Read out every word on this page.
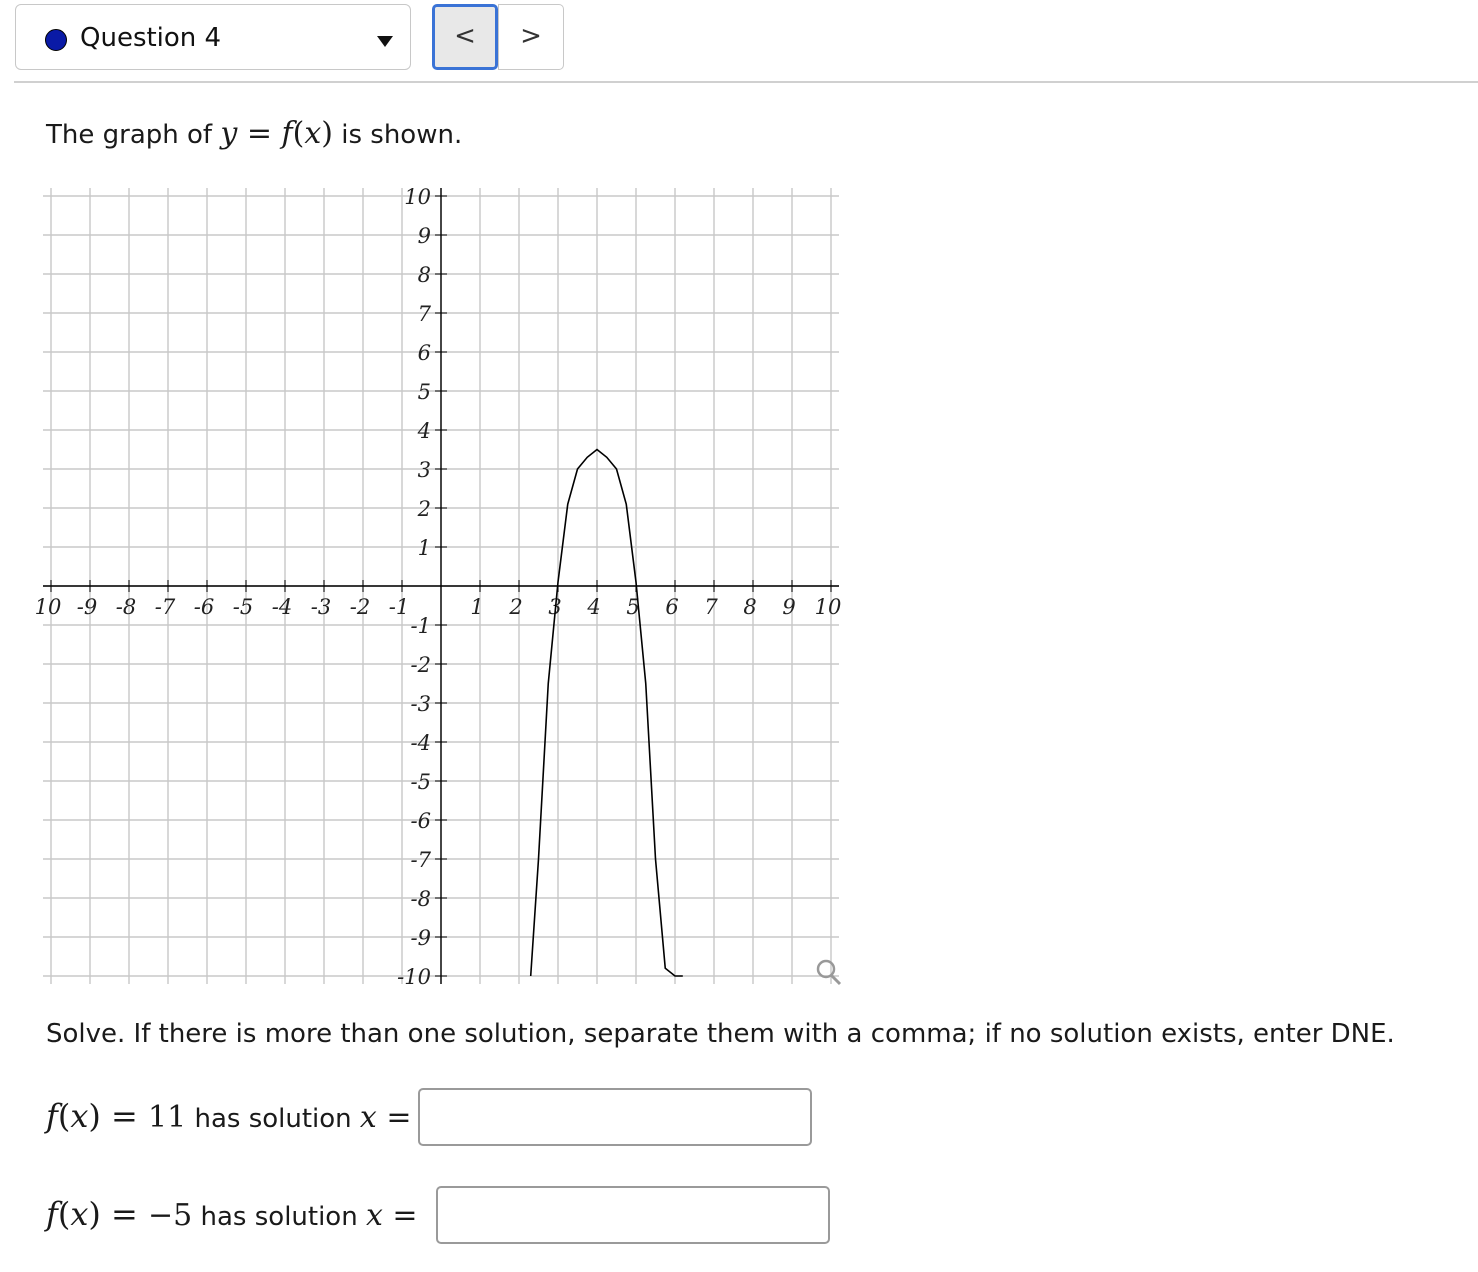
Question 4	<	>
The graph of y = f(x) is shown.
10 -9 -8 -7 -6 -5 -4 -3 -2 -1	1 2 3 4 5 6 7 8 9 10
10
9
8
7
6
5
4
3
2
1
-1
-2
-3
-4
-5
-6
-7
-8
-9
-10
Solve. If there is more than one solution, separate them with a comma; if no solution exists, enter DNE.
f(x) = 11 has solution x =
f(x) = −5 has solution x =
